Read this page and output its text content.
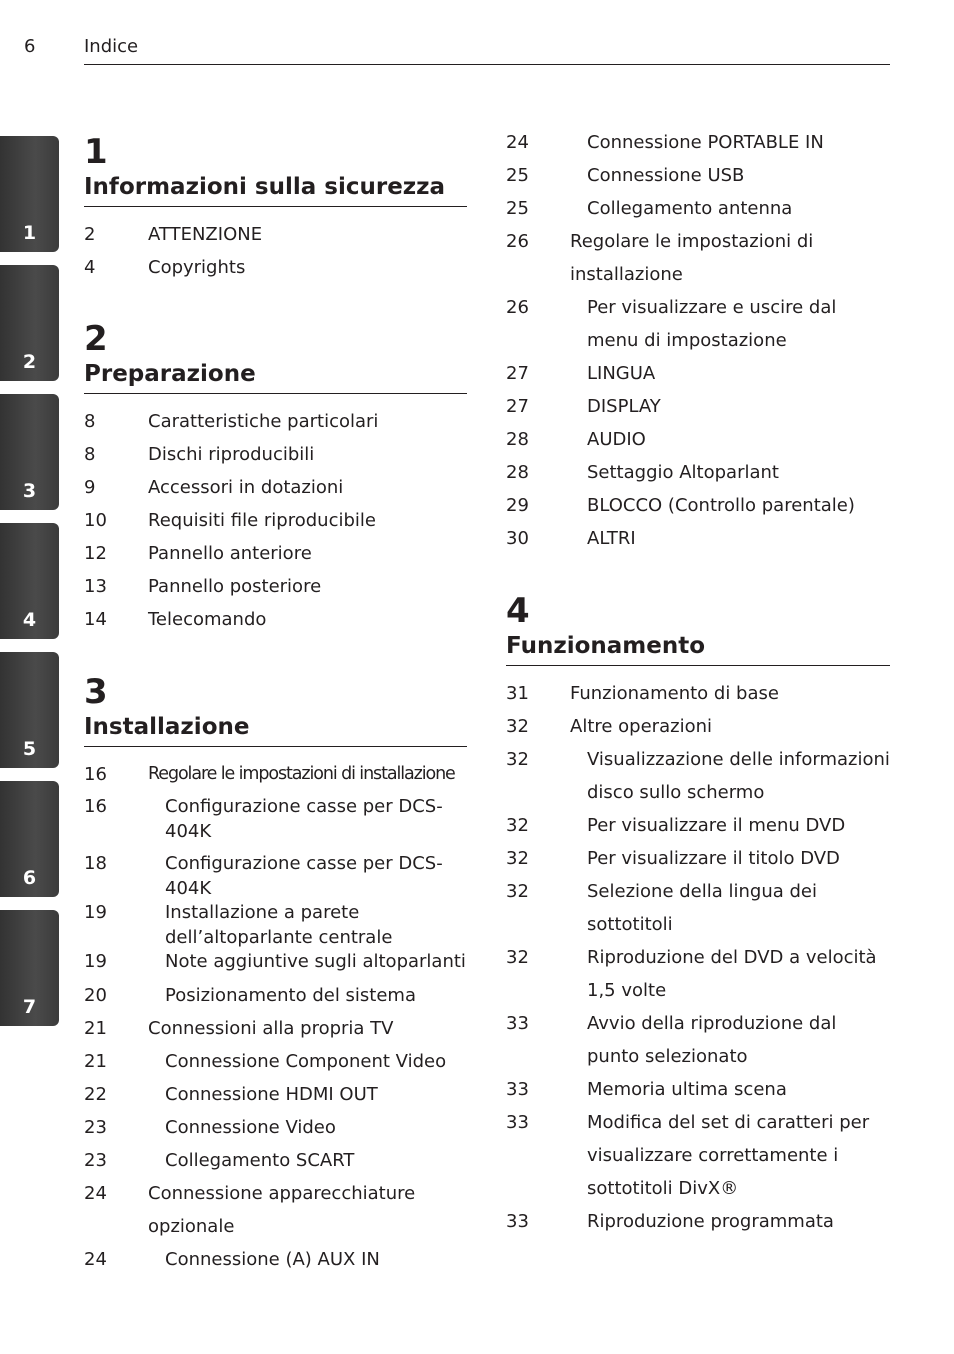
6	Indice
1
2
3
4
5
6
7
1
Informazioni sulla sicurezza
2	ATTENZIONE
4	Copyrights
2
Preparazione
8	Caratteristiche particolari
8	Dischi riproducibili
9	Accessori in dotazioni
10	Requisiti file riproducibile
12	Pannello anteriore
13	Pannello posteriore
14	Telecomando
3
Installazione
16	Regolare le impostazioni di installazione
16	Configurazione casse per DCS-404K
18	Configurazione casse per DCS-404K
19	Installazione a parete dell’altoparlante centrale
19	Note aggiuntive sugli altoparlanti
20	Posizionamento del sistema
21	Connessioni alla propria TV
21	Connessione Component Video
22	Connessione HDMI OUT
23	Connessione Video
23	Collegamento SCART
24	Connessione apparecchiature opzionale
24	Connessione (A) AUX IN
24	Connessione PORTABLE IN
25	Connessione USB
25	Collegamento antenna
26	Regolare le impostazioni di installazione
26	Per visualizzare e uscire dal menu di impostazione
27	LINGUA
27	DISPLAY
28	AUDIO
28	Settaggio Altoparlant
29	BLOCCO (Controllo parentale)
30	ALTRI
4
Funzionamento
31	Funzionamento di base
32	Altre operazioni
32	Visualizzazione delle informazioni disco sullo schermo
32	Per visualizzare il menu DVD
32	Per visualizzare il titolo DVD
32	Selezione della lingua dei sottotitoli
32	Riproduzione del DVD a velocità 1,5 volte
33	Avvio della riproduzione dal punto selezionato
33	Memoria ultima scena
33	Modifica del set di caratteri per visualizzare correttamente i sottotitoli DivX®
33	Riproduzione programmata
